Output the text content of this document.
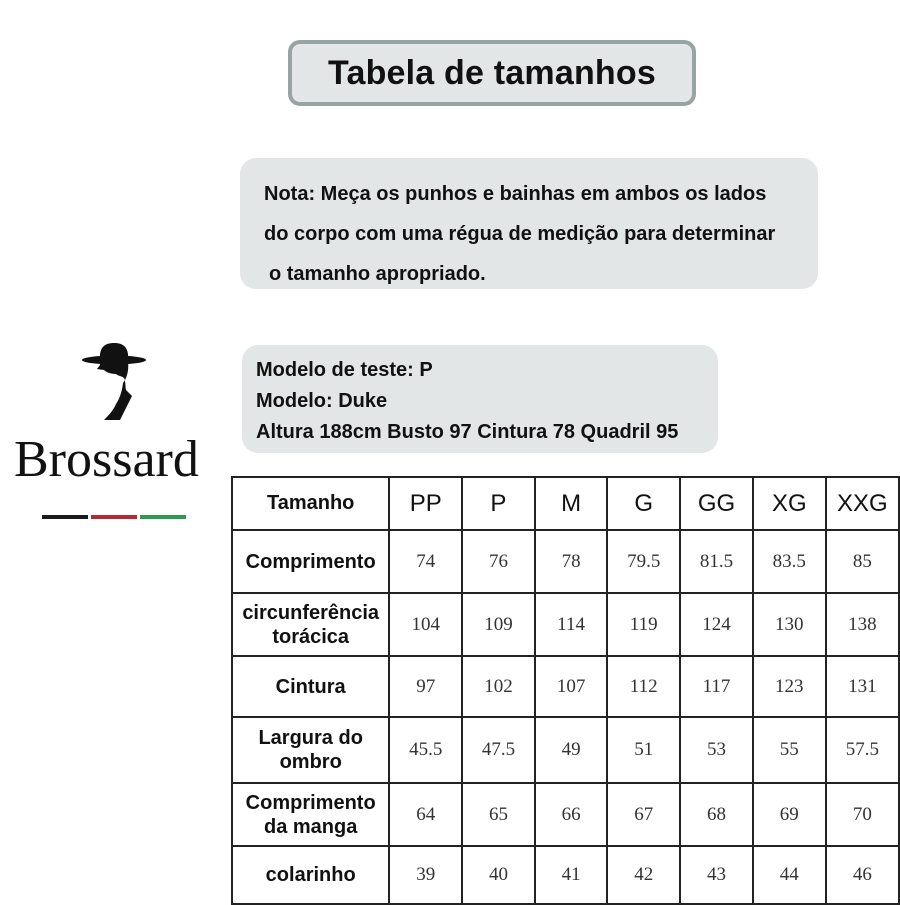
Tabela de tamanhos
Nota: Meça os punhos e bainhas em ambos os lados
do corpo com uma régua de medição para determinar
o tamanho apropriado.
Modelo de teste: P
Modelo: Duke
Altura 188cm Busto 97 Cintura 78 Quadril 95
Brossard
Tamanho	PP	P	M	G	GG	XG	XXG

Comprimento	74	76	78	79.5	81.5	83.5	85

circunferência
torácica	104	109	114	119	124	130	138

Cintura	97	102	107	112	117	123	131

Largura do
ombro	45.5	47.5	49	51	53	55	57.5

Comprimento
da manga	64	65	66	67	68	69	70

colarinho	39	40	41	42	43	44	46
